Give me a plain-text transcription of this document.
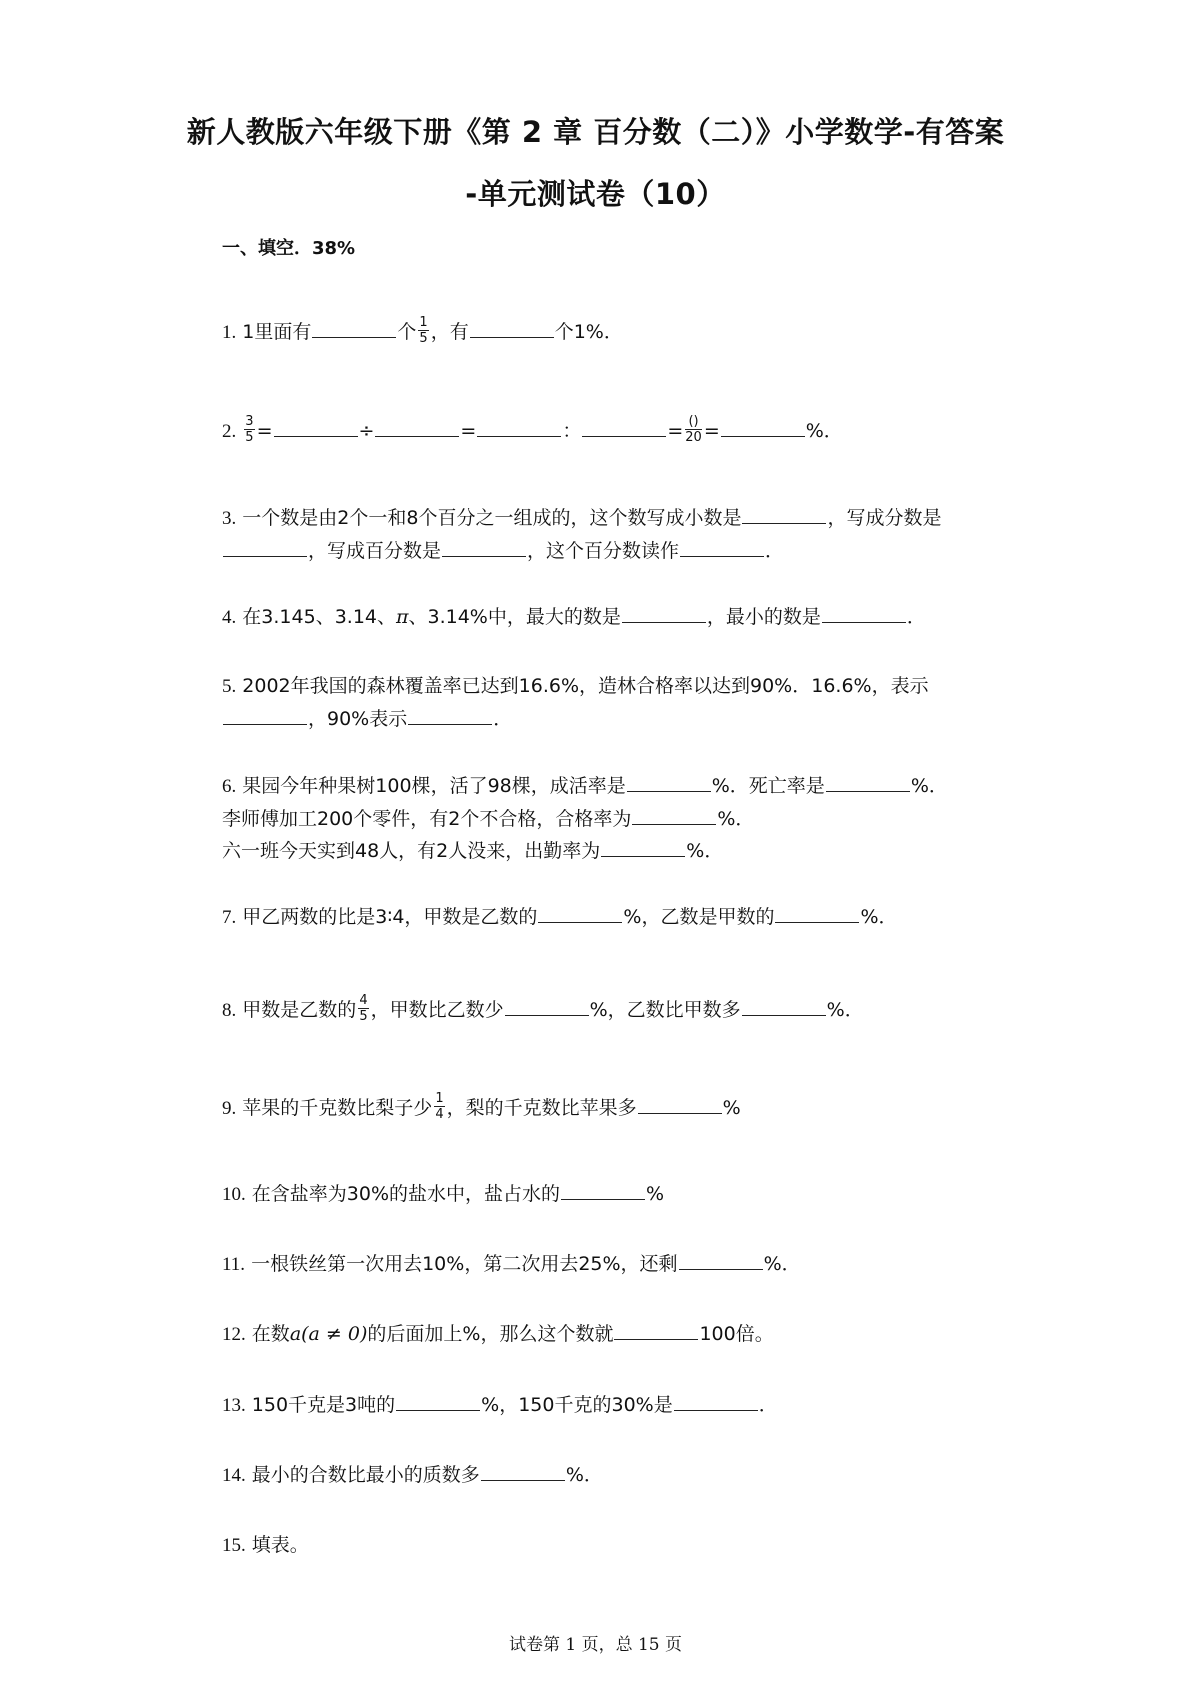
新人教版六年级下册《第 2 章 百分数（二）》小学数学-有答案
-单元测试卷（10）
一、填空．38%
1. 1里面有	个 $\frac{1}{5}$ ，有	个1%．
2. $\frac{3}{5}$ =	÷	=	：	= $\frac{()}{20}$ =	%．
3. 一个数是由2个一和8个百分之一组成的，这个数写成小数是	，写成分数是
，写成百分数是	，这个百分数读作	．
4. 在3.145、3.14、π、3.14%中，最大的数是	，最小的数是	．
5. 2002年我国的森林覆盖率已达到16.6%，造林合格率以达到90%．16.6%，表示
，90%表示	．
6. 果园今年种果树100棵，活了98棵，成活率是	%．死亡率是	%．
李师傅加工200个零件，有2个不合格，合格率为	%．
六一班今天实到48人，有2人没来，出勤率为	%．
7. 甲乙两数的比是3∶4，甲数是乙数的	%，乙数是甲数的	%．
8. 甲数是乙数的 $\frac{4}{5}$ ，甲数比乙数少	%，乙数比甲数多	%．
9. 苹果的千克数比梨子少 $\frac{1}{4}$ ，梨的千克数比苹果多	%
10. 在含盐率为30%的盐水中，盐占水的	%
11. 一根铁丝第一次用去10%，第二次用去25%，还剩	%．
12. 在数a(a ≠ 0)的后面加上%，那么这个数就	100倍。
13. 150千克是3吨的	%，150千克的30%是	．
14. 最小的合数比最小的质数多	%．
15. 填表。
试卷第 1 页，总 15 页
